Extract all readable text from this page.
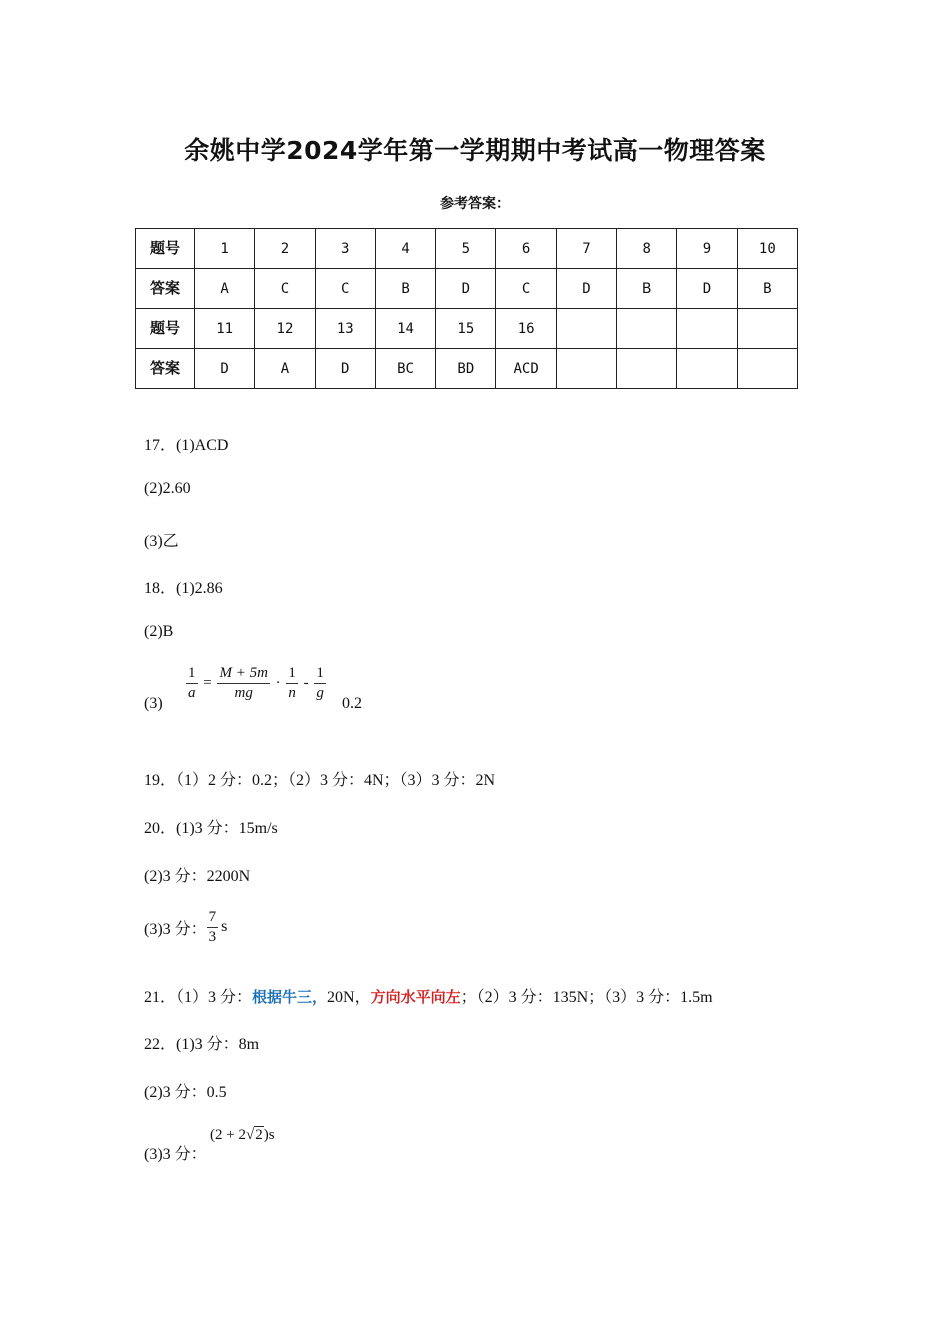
余姚中学2024学年第一学期期中考试高一物理答案
参考答案：
题号	1	2	3	4	5	6	7	8	9	10
答案	A	C	C	B	D	C	D	B	D	B
题号	11	12	13	14	15	16				
答案	D	A	D	BC	BD	ACD				
17．(1)ACD
(2)2.60
(3)乙
18．(1)2.86
(2)B
(3)
$\frac{1}{a} = \frac{M + 5m}{mg} \cdot \frac{1}{n} - \frac{1}{g}$
0.2
19．（1）2 分：0.2；（2）3 分：4N；（3）3 分：2N
20．(1)3 分：15m/s
(2)3 分：2200N
(3)3 分： $\frac{7}{3}$ s
21．（1）3 分：根据牛三，20N，方向水平向左；（2）3 分：135N；（3）3 分：1.5m
22．(1)3 分：8m
(2)3 分：0.5
(3)3 分：
(2 + 2√2)s
